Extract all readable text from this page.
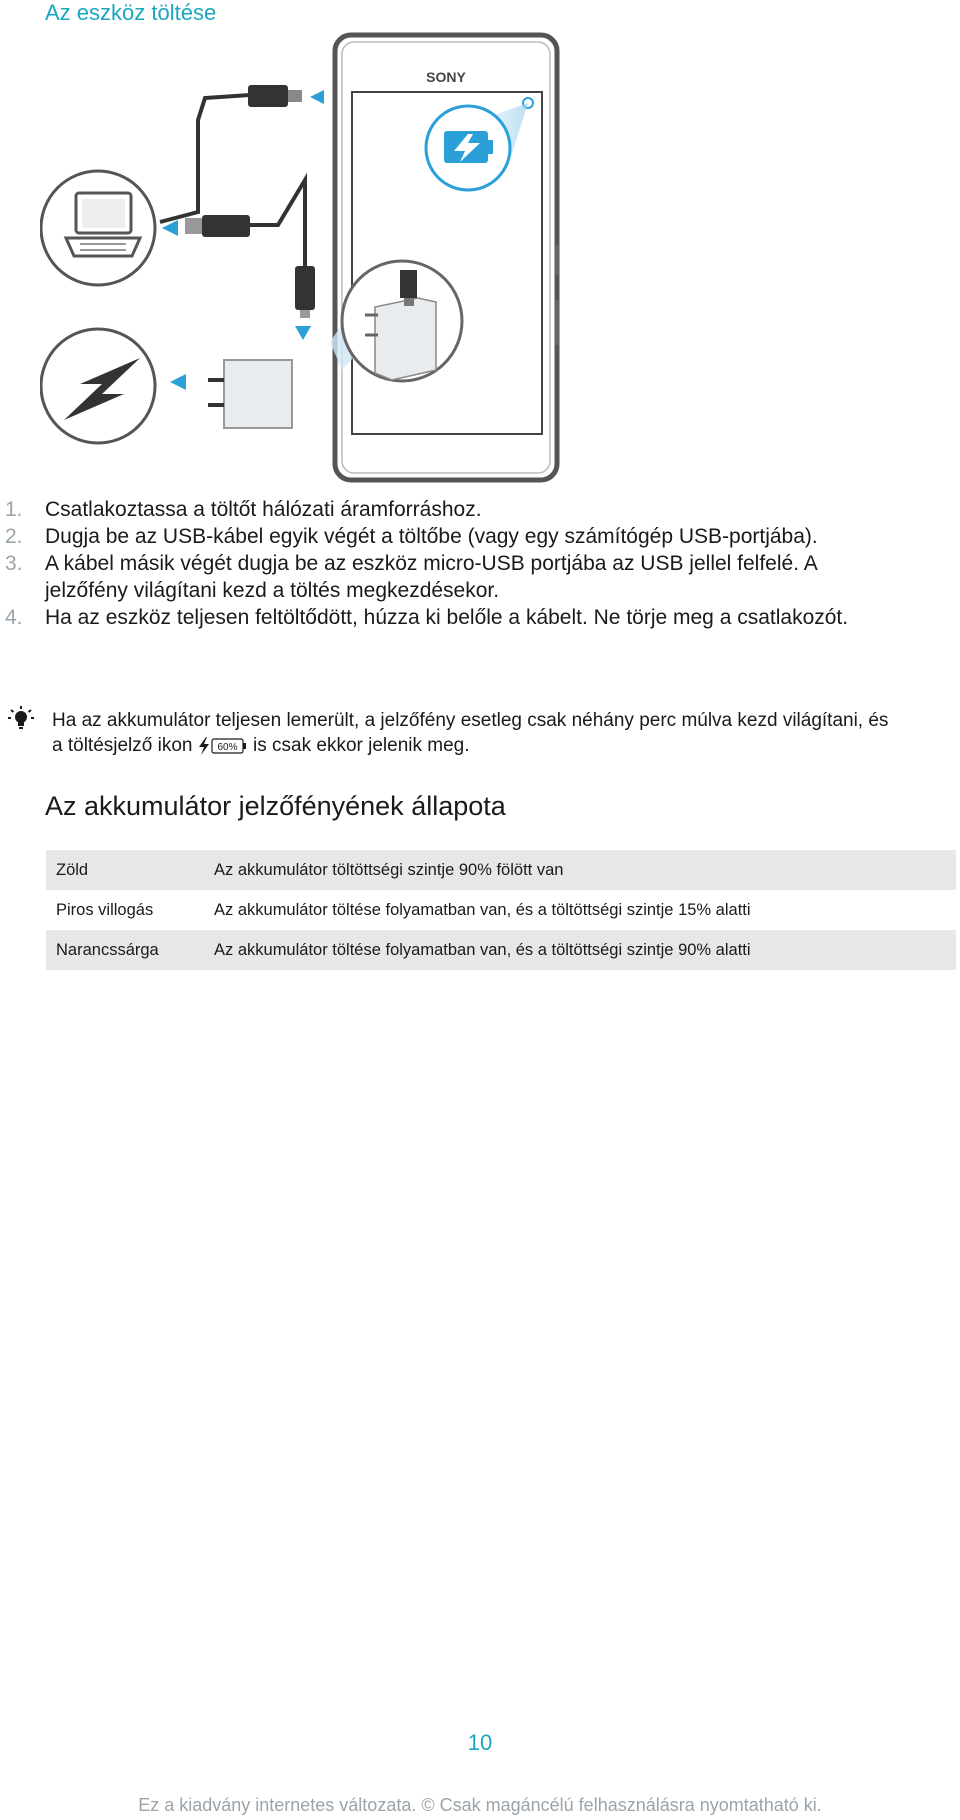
Az eszköz töltése
SONY
1. Csatlakoztassa a töltőt hálózati áramforráshoz.
2. Dugja be az USB-kábel egyik végét a töltőbe (vagy egy számítógép USB-portjába).
3. A kábel másik végét dugja be az eszköz micro-USB portjába az USB jellel felfelé. A jelzőfény világítani kezd a töltés megkezdésekor.
4. Ha az eszköz teljesen feltöltődött, húzza ki belőle a kábelt. Ne törje meg a csatlakozót.
Ha az akkumulátor teljesen lemerült, a jelzőfény esetleg csak néhány perc múlva kezd világítani, és a töltésjelző ikon 60% is csak ekkor jelenik meg.
Az akkumulátor jelzőfényének állapota
Zöld	Az akkumulátor töltöttségi szintje 90% fölött van
Piros villogás	Az akkumulátor töltése folyamatban van, és a töltöttségi szintje 15% alatti
Narancssárga	Az akkumulátor töltése folyamatban van, és a töltöttségi szintje 90% alatti
10
Ez a kiadvány internetes változata. © Csak magáncélú felhasználásra nyomtatható ki.
